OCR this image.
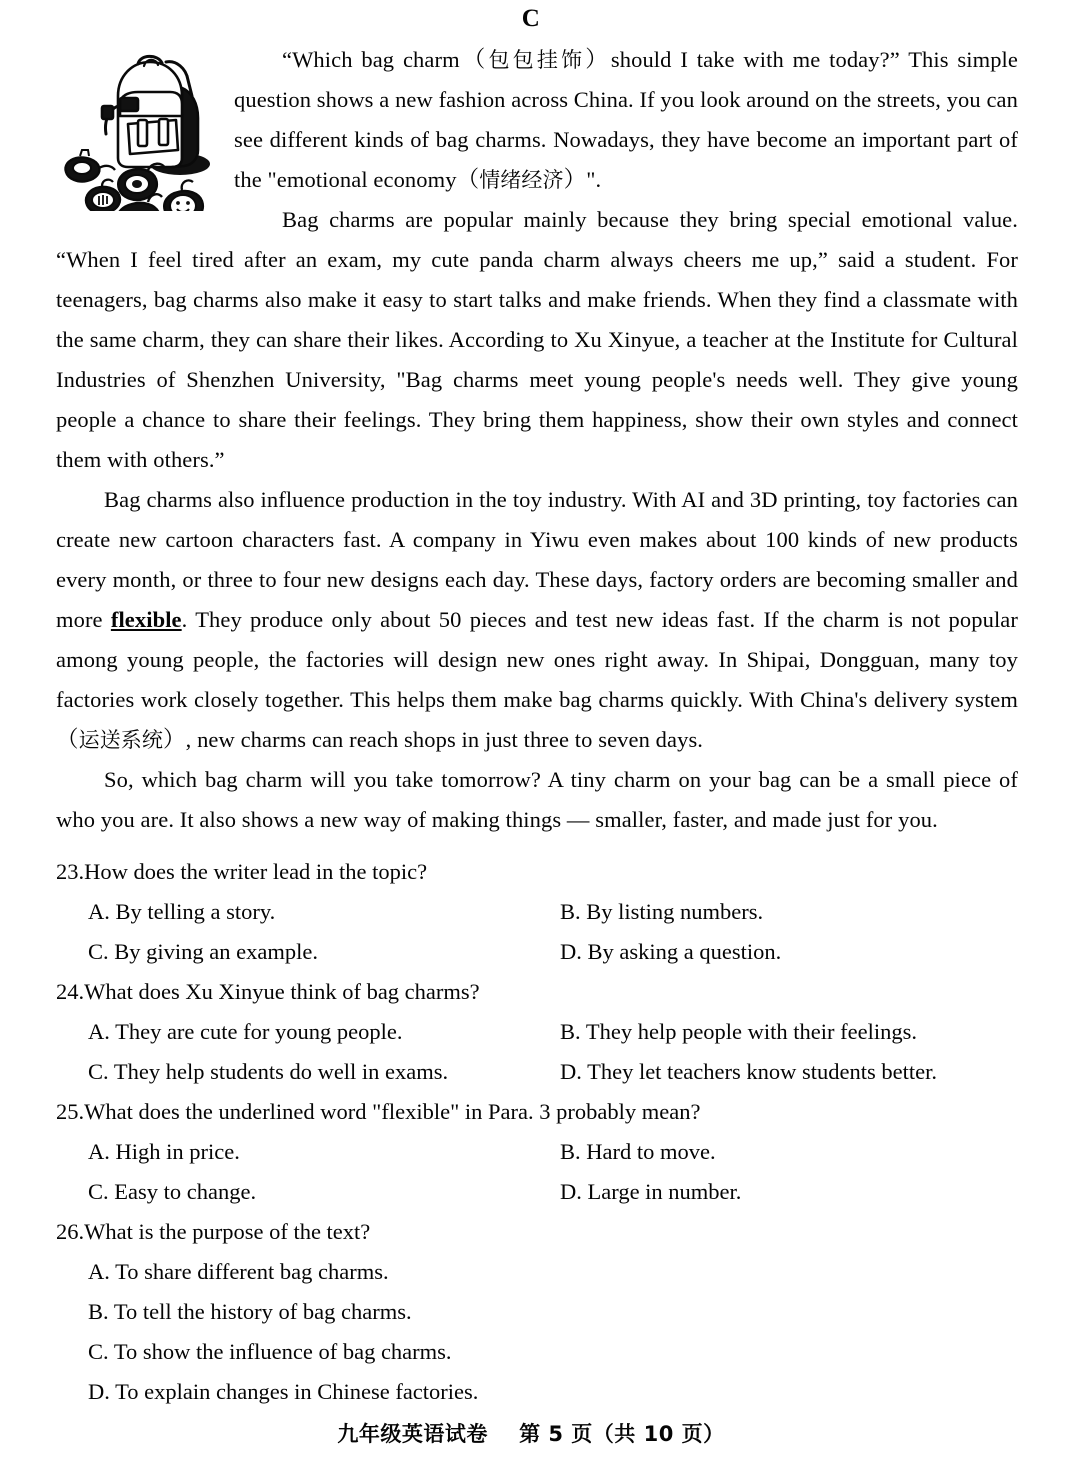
C

“Which bag charm（包包挂饰）should I take with me today?” This simple question shows a new fashion across China. If you look around on the streets, you can see different kinds of bag charms. Nowadays, they have become an important part of the "emotional economy（情绪经济）".

Bag charms are popular mainly because they bring special emotional value. “When I feel tired after an exam, my cute panda charm always cheers me up,” said a student. For teenagers, bag charms also make it easy to start talks and make friends. When they find a classmate with the same charm, they can share their likes. According to Xu Xinyue, a teacher at the Institute for Cultural Industries of Shenzhen University, "Bag charms meet young people's needs well. They give young people a chance to share their feelings. They bring them happiness, show their own styles and connect them with others.”

Bag charms also influence production in the toy industry. With AI and 3D printing, toy factories can create new cartoon characters fast. A company in Yiwu even makes about 100 kinds of new products every month, or three to four new designs each day. These days, factory orders are becoming smaller and more flexible. They produce only about 50 pieces and test new ideas fast. If the charm is not popular among young people, the factories will design new ones right away. In Shipai, Dongguan, many toy factories work closely together. This helps them make bag charms quickly. With China's delivery system（运送系统）, new charms can reach shops in just three to seven days.

So, which bag charm will you take tomorrow? A tiny charm on your bag can be a small piece of who you are. It also shows a new way of making things — smaller, faster, and made just for you.

23.How does the writer lead in the topic?
A. By telling a story.	B. By listing numbers.
C. By giving an example.	D. By asking a question.
24.What does Xu Xinyue think of bag charms?
A. They are cute for young people.	B. They help people with their feelings.
C. They help students do well in exams.	D. They let teachers know students better.
25.What does the underlined word "flexible" in Para. 3 probably mean?
A. High in price.	B. Hard to move.
C. Easy to change.	D. Large in number.
26.What is the purpose of the text?
A. To share different bag charms.
B. To tell the history of bag charms.
C. To show the influence of bag charms.
D. To explain changes in Chinese factories.
九年级英语试卷 第 5 页（共 10 页）
